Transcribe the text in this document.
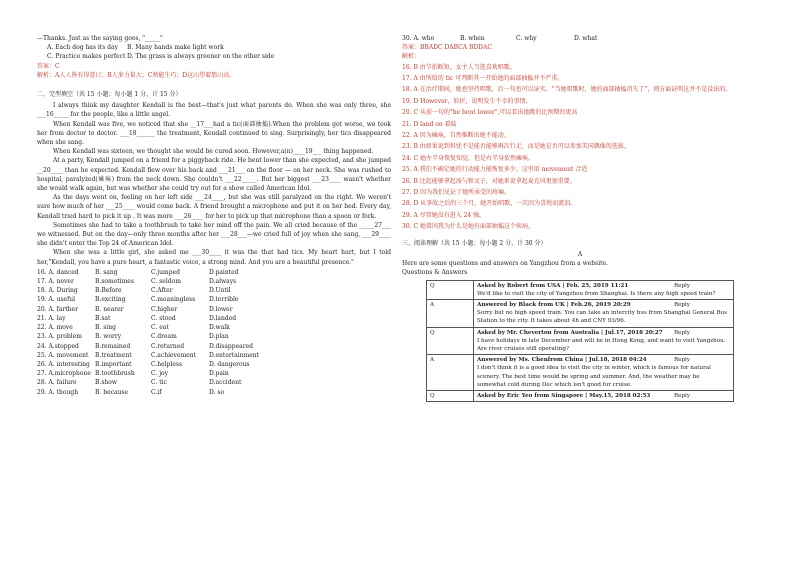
—Thanks. Just as the saying goes, "_____"

A. Each dog has its day	B. Many hands make light work
C. Practice makes perfect D. The grass is always greener on the other side

答案：C

解析：A人人皆有得意日；B人多力量大；C熟能生巧；D这山望着那山高。

二、完型填空（共 15 小题；每小题 1 分，计 15 分）

I always think my daughter Kendall is the best—that's just what parents do. When she was only three, she ___16_____ for the people, like a little angel.

When Kendall was five, we noticed that she __17___had a tic(面部抽搐).When the problem got worse, we took her from doctor to doctor. ___18______ the treatment, Kendall continued to sing. Surprisingly, her tics disappeared when she sang.

When Kendall was sixteen, we thought she would be cured soon. However,a(n)____19___ thing happened.

At a party, Kendall jumped on a friend for a piggyback ride. He bent lower than she expected, and she jumped __20____ than he expected. Kendall flew over his back and ___21___ on the floor — on her neck. She was rushed to hospital, paralyzed(瘫痪) from the neck down. She couldn't ___22_____. But her biggest ___23____ wasn't whether she would walk again, but was whether she could try out for a show called American Idol.

As the days went on, feeling on her left side ___24____, but she was still paralyzed on the right. We weren't sure how much of her ___25____ would come back. A friend brought a microphone and put it on her bed. Every day, Kendall tried hard to pick it up . It was more ___26____ for her to pick up that microphone than a spoon or fork.

Sometimes she had to take a toothbrush to take her mind off the pain. We all cried because of the _____27___ we witnessed. But on the day—only three months after her ___28___—we cried full of joy when she sang, ___29____ she didn't enter the Top 24 of American Idol.

When she was a little girl, she asked me ___30____ it was the that had tics. My heart hurt, but I told her,"Kendall, you have a pure heart, a fantastic voice, a strong mind. And you are a beautiful presence."

16. A. danced	B. sang	C.jumped	D.painted
17. A. never	B.sometimes	C. seldom	D.always
18. A. During	B.Before	C.After	D.Until
19. A. useful	B.exciting	C.meaningless	D.terrible
20. A. farther	B. nearer	C.higher	D.lower
21. A. lay	B.sat	C. stood	D.landed
22. A. move	B. sing	C. eat	D.walk
23. A. problem	B. worry	C.dream	D.plan
24. A.stopped	B.remained	C.returned	D.disappeared
25. A. movement	B.treatment	C.achievement	D.entertainment
26. A. interesting B.important	C.helpless	D. dangerous
27. A.microphone B.toothbrush	C. joy	D.pain
28. A. failure	B.show	C. tic	D.accident
29. A. though	B. because	C.if	D. so
30. A. who	B. when	C. why	D. what

答案：BBADC DABCA BDDAC

解析：

16. B 由节拍断短，女主人当选喜欢唱歌。

17. A 由所给的 tic 可判断其一开始她的面部抽搐并不严重。

18. A 在治疗期间，她也坚持唱歌，后一句也可以证实，"当她唱歌时，她的面部抽搐消失了"，则方面证明这并不是没法的。

19. D However，转折，说明发生不幸的事情。

20. C 从前一句的"he bent lower",可以看出她跳的比预期的更高

21. D land on 着陆

22. A 因为瘫痪，自然推断出她不能动。

23. B 由如果说到担忧不是能否能够再次行走，而是她是否可以参加美国偶像的选拔。

24. C 她左半身恢复知觉，但是右半身依然瘫痪。

25. A 我们不确定她的行动能力能恢复多少。这里用 movement 合适

26. B 比起能够拿起汤勺和叉子，对她来说拿起麦克风更加重要。

27. D 因为我们见证了她所承受的疼痛。

28. D 从事故之后的三个月，她开始唱歌，一次因为喜悦而流泪。

29. A 尽管她没有进入 24 强。

30. C 她曾问我为什么是她有面部抽搐这个疾病。

三、阅读理解（共 15 小题；每小题 2 分，计 30 分）

A

Here are some questions and answers on Yangzhou from a website.

Questions & Answers

Q	Asked by Robert from USA | Feb. 25, 2019 11:21 Reply

We'd like to visit the city of Yangzhou from Shanghai. Is there any high speed train?
A	Answered by Black from UK | Feb.26, 2019 20:29 Reply

Sorry but no high speed train. You can take an intercity bus from Shanghai General Bus Station to the city. It takes about 4h and CNY 93/96.
Q	Asked by Mr. Cheverton from Australia | Jul.17, 2018 20:27 Reply

I have holidays in late December and will be in Hong Kong, and want to visit Yangzhou. Are river cruises still operating?
A	Answered by Ms. Chenfrom China | Jul.18, 2018 04:24 Reply

I don't think it is a good idea to visit the city in winter, which is famous for natural scenery. The best time would be spring and summer. And, the weather may be somewhat cold during Dec which isn't good for cruise.
Q	Asked by Eric Yeo from Singapore | May.15, 2018 02:53 Reply
